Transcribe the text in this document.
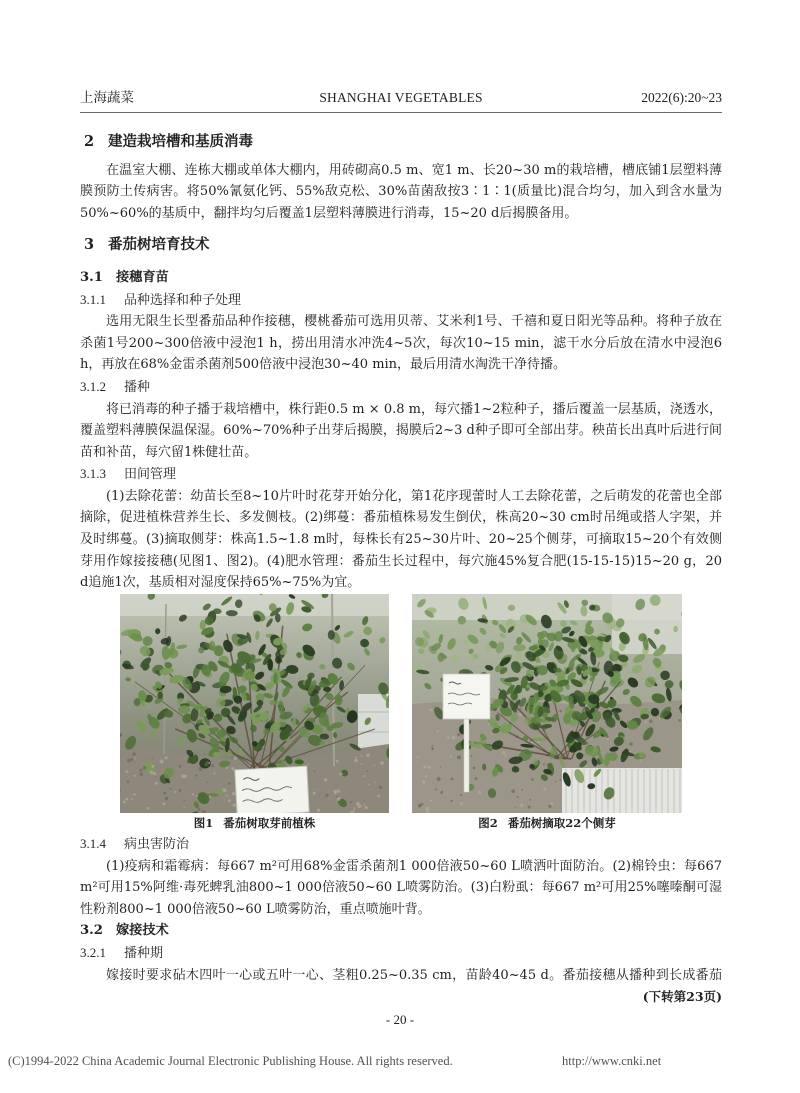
上海蔬菜	SHANGHAI VEGETABLES	2022(6):20~23
2 建造栽培槽和基质消毒

在温室大棚、连栋大棚或单体大棚内，用砖砌高0.5 m、宽1 m、长20~30 m的栽培槽，槽底铺1层塑料薄膜预防土传病害。将50%氰氨化钙、55%敌克松、30%苗菌敌按3∶1∶1(质量比)混合均匀，加入到含水量为50%~60%的基质中，翻拌均匀后覆盖1层塑料薄膜进行消毒，15~20 d后揭膜备用。

3 番茄树培育技术
3.1 接穗育苗
3.1.1 品种选择和种子处理

选用无限生长型番茄品种作接穗，樱桃番茄可选用贝蒂、艾米利1号、千禧和夏日阳光等品种。将种子放在杀菌1号200~300倍液中浸泡1 h，捞出用清水冲洗4~5次，每次10~15 min，滤干水分后放在清水中浸泡6 h，再放在68%金雷杀菌剂500倍液中浸泡30~40 min，最后用清水淘洗干净待播。

3.1.2 播种

将已消毒的种子播于栽培槽中，株行距0.5 m × 0.8 m，每穴播1~2粒种子，播后覆盖一层基质，浇透水，覆盖塑料薄膜保温保湿。60%~70%种子出芽后揭膜，揭膜后2~3 d种子即可全部出芽。秧苗长出真叶后进行间苗和补苗，每穴留1株健壮苗。

3.1.3 田间管理

(1)去除花蕾：幼苗长至8~10片叶时花芽开始分化，第1花序现蕾时人工去除花蕾，之后萌发的花蕾也全部摘除，促进植株营养生长、多发侧枝。(2)绑蔓：番茄植株易发生倒伏，株高20~30 cm时吊绳或搭人字架，并及时绑蔓。(3)摘取侧芽：株高1.5~1.8 m时，每株长有25~30片叶、20~25个侧芽，可摘取15~20个有效侧芽用作嫁接接穗(见图1、图2)。(4)肥水管理：番茄生长过程中，每穴施45%复合肥(15-15-15)15~20 g，20 d追施1次，基质相对湿度保持65%~75%为宜。

图1 番茄树取芽前植株	图2 番茄树摘取22个侧芽
3.1.4 病虫害防治

(1)疫病和霜霉病：每667 m²可用68%金雷杀菌剂1 000倍液50~60 L喷洒叶面防治。(2)棉铃虫：每667 m²可用15%阿维·毒死蜱乳油800~1 000倍液50~60 L喷雾防治。(3)白粉虱：每667 m²可用25%噻嗪酮可湿性粉剂800~1 000倍液50~60 L喷雾防治，重点喷施叶背。

3.2 嫁接技术
3.2.1 播种期

嫁接时要求砧木四叶一心或五叶一心、茎粗0.25~0.35 cm，苗龄40~45 d。番茄接穗从播种到长成番茄

(下转第23页)
- 20 -
(C)1994-2022 China Academic Journal Electronic Publishing House. All rights reserved.	http://www.cnki.net
